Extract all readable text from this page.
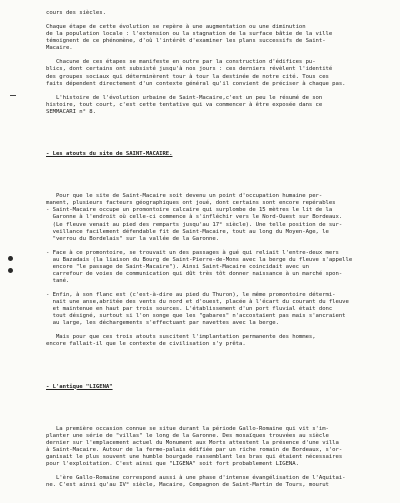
cours des siècles.

Chaque étape de cette évolution se repère à une augmentation ou une diminution
de la population locale : l'extension ou la stagnation de la surface bâtie de la ville
témoignent de ce phénomène, d'où l'intérêt d'examiner les plans successifs de Saint-
Macaire.

Chacune de ces étapes se manifeste en outre par la construction d'édifices pu-
blics, dont certains ont subsisté jusqu'à nos jours : ces derniers révèlent l'identité
des groupes sociaux qui déterminèrent tour à tour la destinée de notre cité. Tous ces
faits dépendent directement d'un contexte général qu'il convient de préciser à chaque pas.

L'histoire de l'évolution urbaine de Saint-Macaire,c'est un peu le résumé de son
histoire, tout court, c'est cette tentative qui va commencer à être exposée dans ce
SEMMACARI n° 8.

- Les atouts du site de SAINT-MACAIRE.

Pour que le site de Saint-Macaire soit devenu un point d'occupation humaine per-
manent, plusieurs facteurs géographiques ont joué, dont certains sont encore repérables
- Saint-Macaire occupe un promontoire calcaire qui surplombe de 15 mètres le lit de la
Garonne à l'endroit où celle-ci commence à s'infléchir vers le Nord-Ouest sur Bordeaux.
(Le fleuve venait au pied des remparts jusqu'au 17° siècle). Une telle position de sur-
veillance facilement défendable fit de Saint-Macaire, tout au long du Moyen-Age, le
"verrou du Bordelais" sur la vallée de la Garonne.

- Face à ce promontoire, se trouvait un des passages à gué qui reliait l'entre-deux mers
au Bazadais (la liaison du Bourg de Saint-Pierre-de-Mons avec la berge du fleuve s'appelle
encore "le passage de Saint-Macaire"). Ainsi Saint-Macaire coincidait avec un
carrefour de voies de communication qui dût très tôt donner naissance à un marché spon-
tané.

- Enfin, à son flanc est (c'est-à-dire au pied du Thuron), le même promontoire détermi-
nait une anse,abritée des vents du nord et d'ouest, placée à l'écart du courant du fleuve
et maintenue en haut par trois sources. L'établissement d'un port fluvial était donc
tout désigné, surtout si l'on songe que les "gabares" n'accostaient pas mais s'ancraient
au large, les déchargements s'effectuant par navettes avec la berge.

Mais pour que ces trois atouts suscitent l'implantation permanente des hommes,
encore fallait-il que le contexte de civilisation s'y prêta.

- L'antique "LIGENA"

La première occasion connue se situe durant la période Gallo-Romaine qui vit s'im-
planter une série de "villas" le long de la Garonne. Des mosaïques trouvées au siècle
dernier sur l'emplacement actuel du Monument aux Morts attestent la présence d'une villa
à Saint-Macaire. Autour de la ferme-palais édifiée par un riche romain de Bordeaux, s'or-
ganisait le plus souvent une humble bourgade rassemblant les bras qui étaient nécessaires
pour l'exploitation. C'est ainsi que "LIGENA" soit fort probablement LIGENA.

L'ère Gallo-Romaine correspond aussi à une phase d'intense évangélisation de l'Aquitai-
ne. C'est ainsi qu'au IV° siècle, Macaire, Compagnon de Saint-Martin de Tours, mourut
